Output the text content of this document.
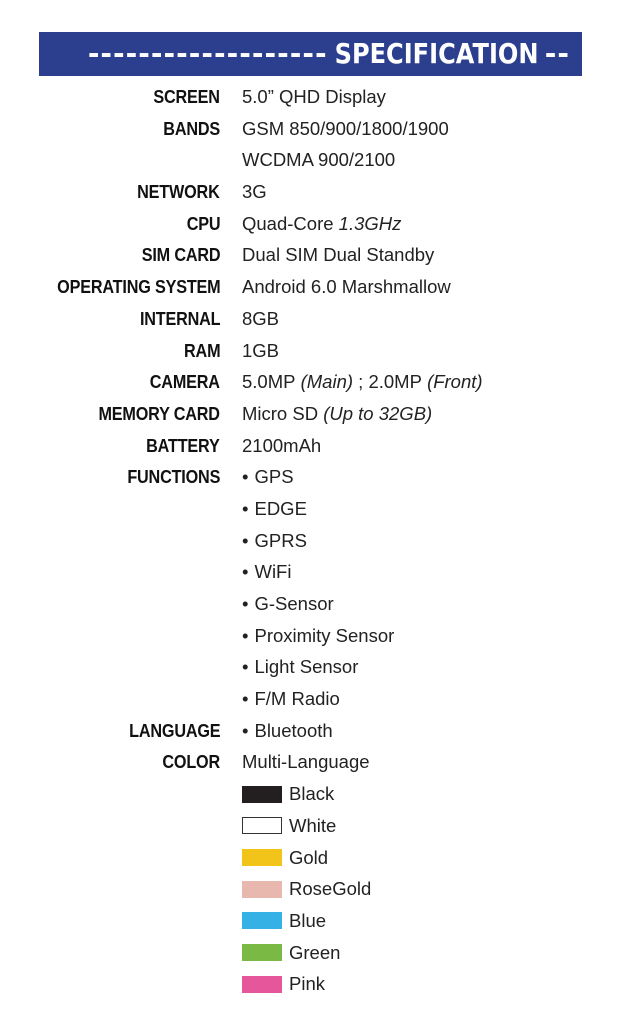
------------------- SPECIFICATION --
SCREEN 5.0” QHD Display
BANDS GSM 850/900/1800/1900
WCDMA 900/2100
NETWORK 3G
CPU Quad-Core
1.3GHz
SIM CARD Dual SIM Dual Standby
OPERATING SYSTEM Android 6.0 Marshmallow
INTERNAL 8GB
RAM 1GB
CAMERA 5.0MP
(Main)
;
2.0MP
(Front)
MEMORY CARD Micro SD
(Up to 32GB)
BATTERY 2100mAh
FUNCTIONS • GPS
• EDGE
• GPRS
• WiFi
• G-Sensor
• Proximity Sensor
• Light Sensor
• F/M Radio
LANGUAGE • Bluetooth
COLOR Multi-Language
Black
White
Gold
RoseGold
Blue
Green
Pink
